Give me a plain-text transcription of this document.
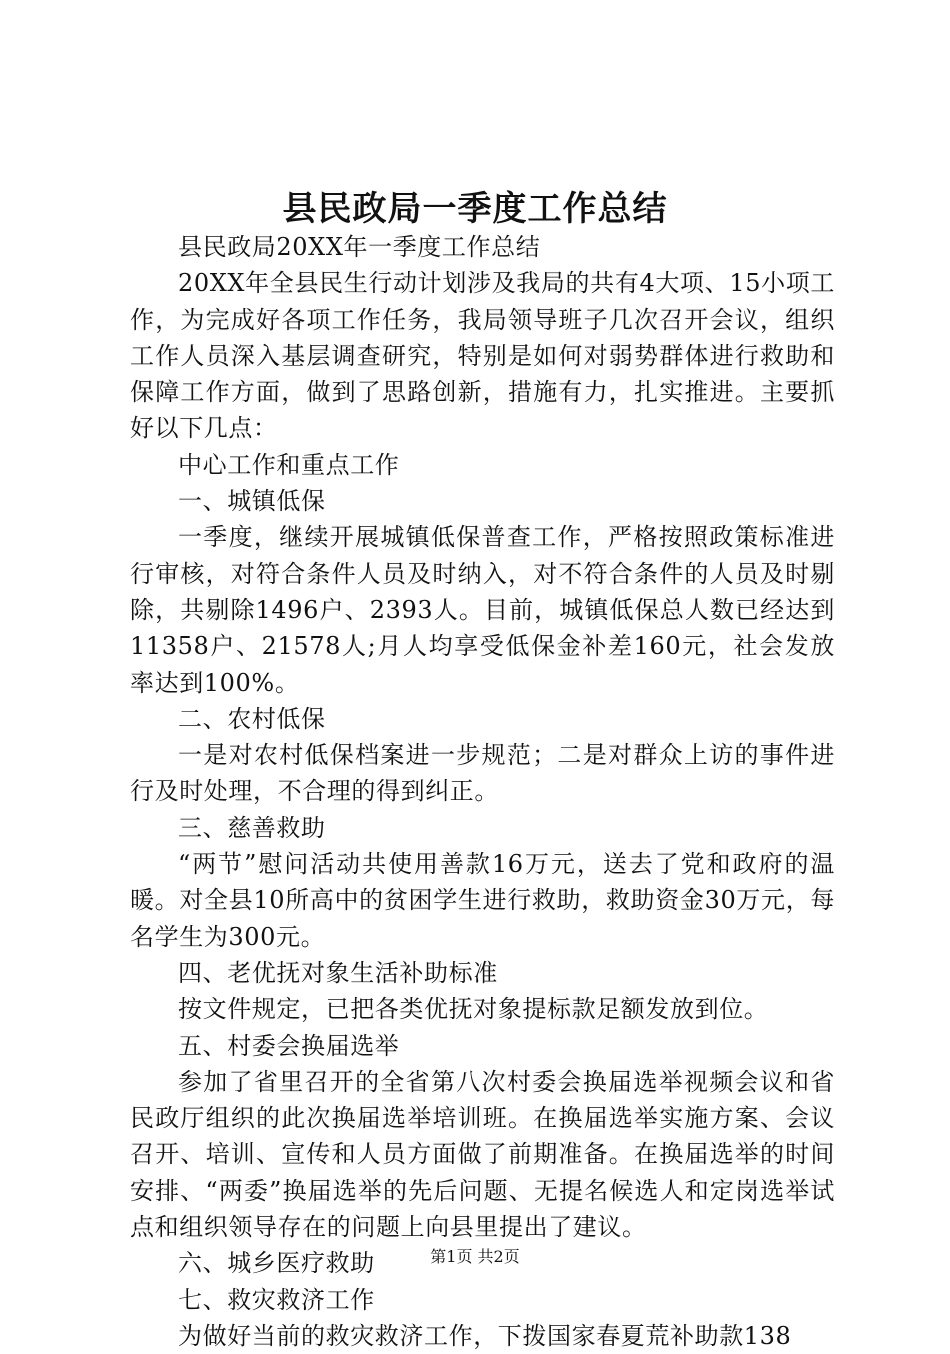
县民政局一季度工作总结

县民政局20XX年一季度工作总结

20XX年全县民生行动计划涉及我局的共有4大项、15小项工作，为完成好各项工作任务，我局领导班子几次召开会议，组织工作人员深入基层调查研究，特别是如何对弱势群体进行救助和保障工作方面，做到了思路创新，措施有力，扎实推进。主要抓好以下几点：

中心工作和重点工作

一、城镇低保

一季度，继续开展城镇低保普查工作，严格按照政策标准进行审核，对符合条件人员及时纳入，对不符合条件的人员及时剔除，共剔除1496户、2393人。目前，城镇低保总人数已经达到11358户、21578人;月人均享受低保金补差160元，社会发放率达到100%。

二、农村低保

一是对农村低保档案进一步规范；二是对群众上访的事件进行及时处理，不合理的得到纠正。

三、慈善救助

“两节”慰问活动共使用善款16万元，送去了党和政府的温暖。对全县10所高中的贫困学生进行救助，救助资金30万元，每名学生为300元。

四、老优抚对象生活补助标准

按文件规定，已把各类优抚对象提标款足额发放到位。

五、村委会换届选举

参加了省里召开的全省第八次村委会换届选举视频会议和省民政厅组织的此次换届选举培训班。在换届选举实施方案、会议召开、培训、宣传和人员方面做了前期准备。在换届选举的时间安排、“两委”换届选举的先后问题、无提名候选人和定岗选举试点和组织领导存在的问题上向县里提出了建议。

六、城乡医疗救助

七、救灾救济工作

为做好当前的救灾救济工作，下拨国家春夏荒补助款138

第1页 共2页
